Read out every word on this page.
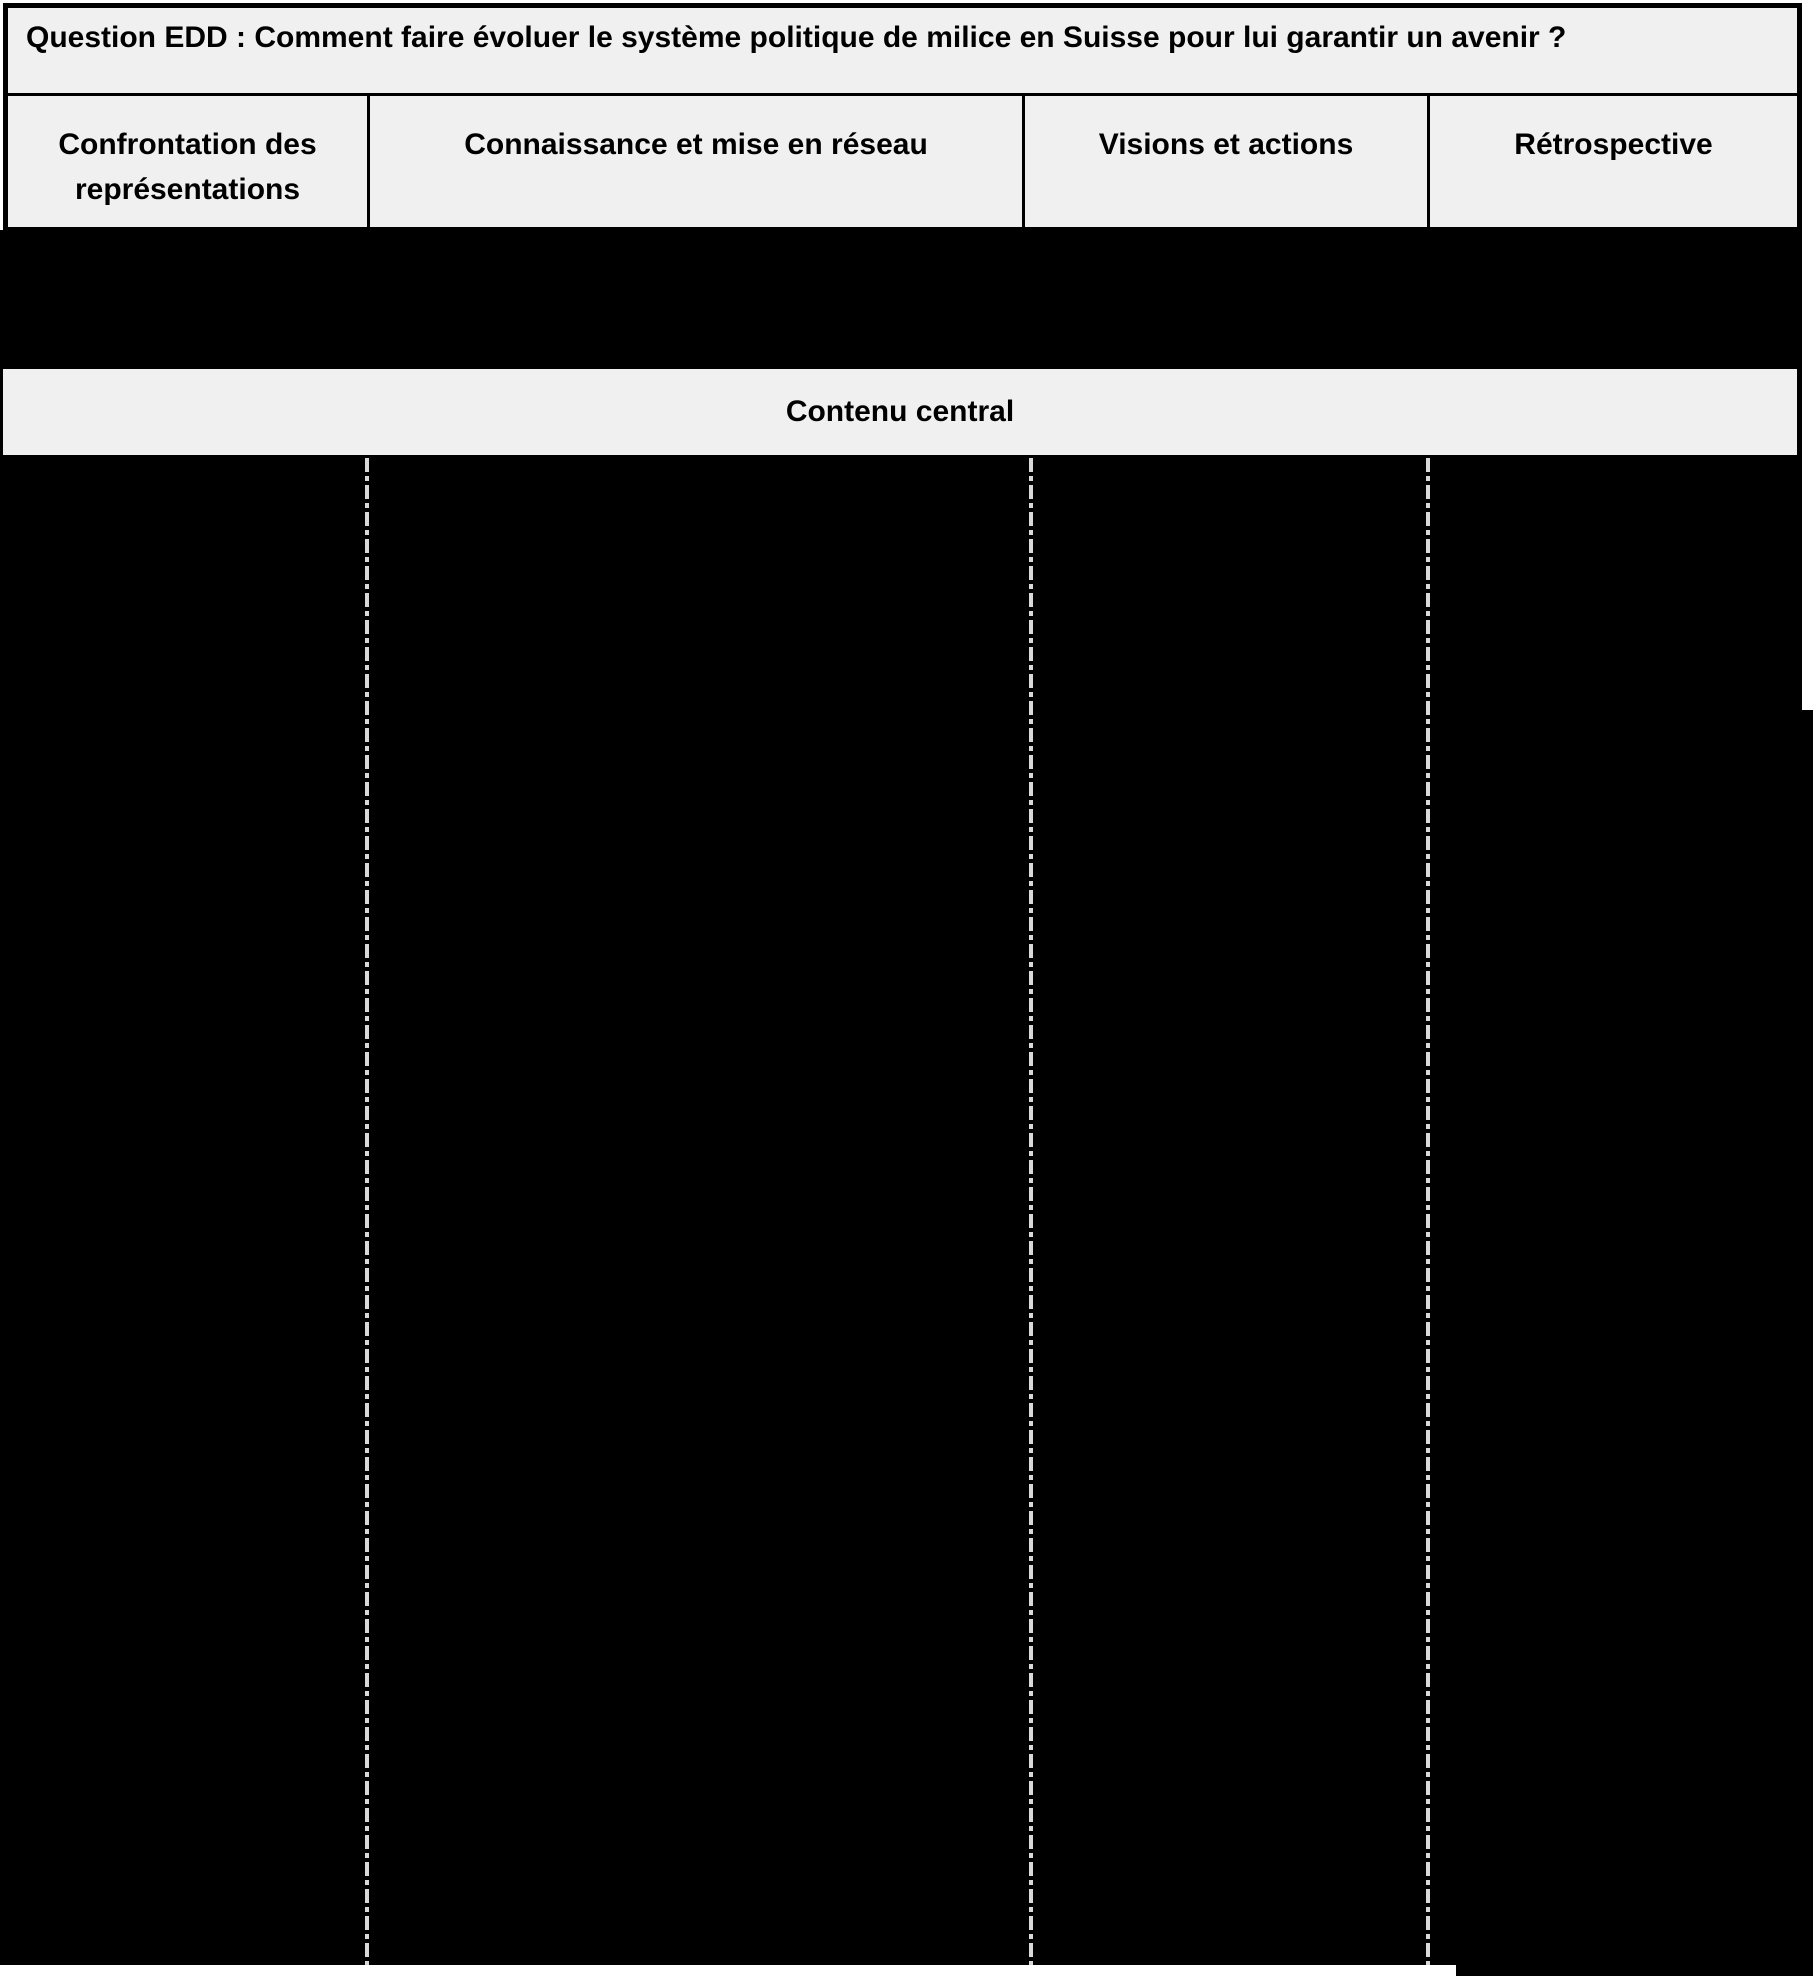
Question EDD : Comment faire évoluer le système politique de milice en Suisse pour lui garantir un avenir ?
Confrontation des représentations
Connaissance et mise en réseau	Visions et actions	Rétrospective
Contenu central
